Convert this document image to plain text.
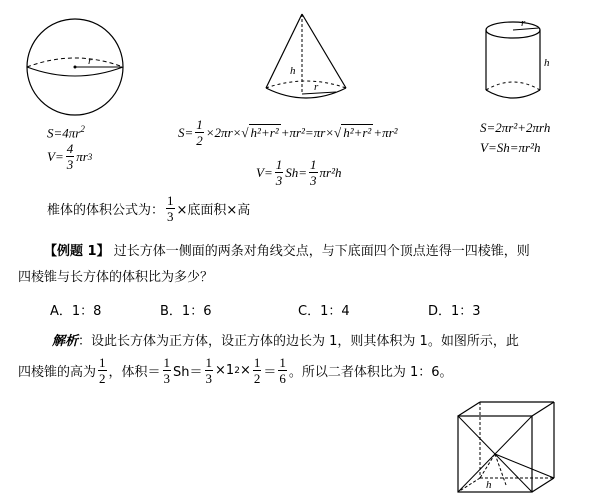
r
h
r
r
h
$S=4\pi r^2$
$V= \frac{4}{3}$ πr 3
$S= \frac{1}{2} \times 2\pi r\times$ √ h²+r² +πr²=πr× √ h²+r² +πr²
$V= \frac{1}{3} Sh= \frac{1}{3} \pi r^2h$
S=2πr²+2πrh
V=Sh=πr²h
椎体的体积公式为： $\frac{1}{3}$ ×底面积×高
【例题 1】 过长方体一侧面的两条对角线交点，与下底面四个顶点连得一四棱锥，则
四棱锥与长方体的体积比为多少？
A．1：8	B．1：6	C．1：4	D．1：3
解析：设此长方体为正方体，设正方体的边长为 1，则其体积为 1。如图所示，此
四棱锥的高为 $\frac{1}{2}$ ，体积＝ $\frac{1}{3} Sh= \frac{1}{3} \times 1$ $2 \times \frac{1}{2} = \frac{1}{6}$ 。所以二者体积比为 1：6。
h
